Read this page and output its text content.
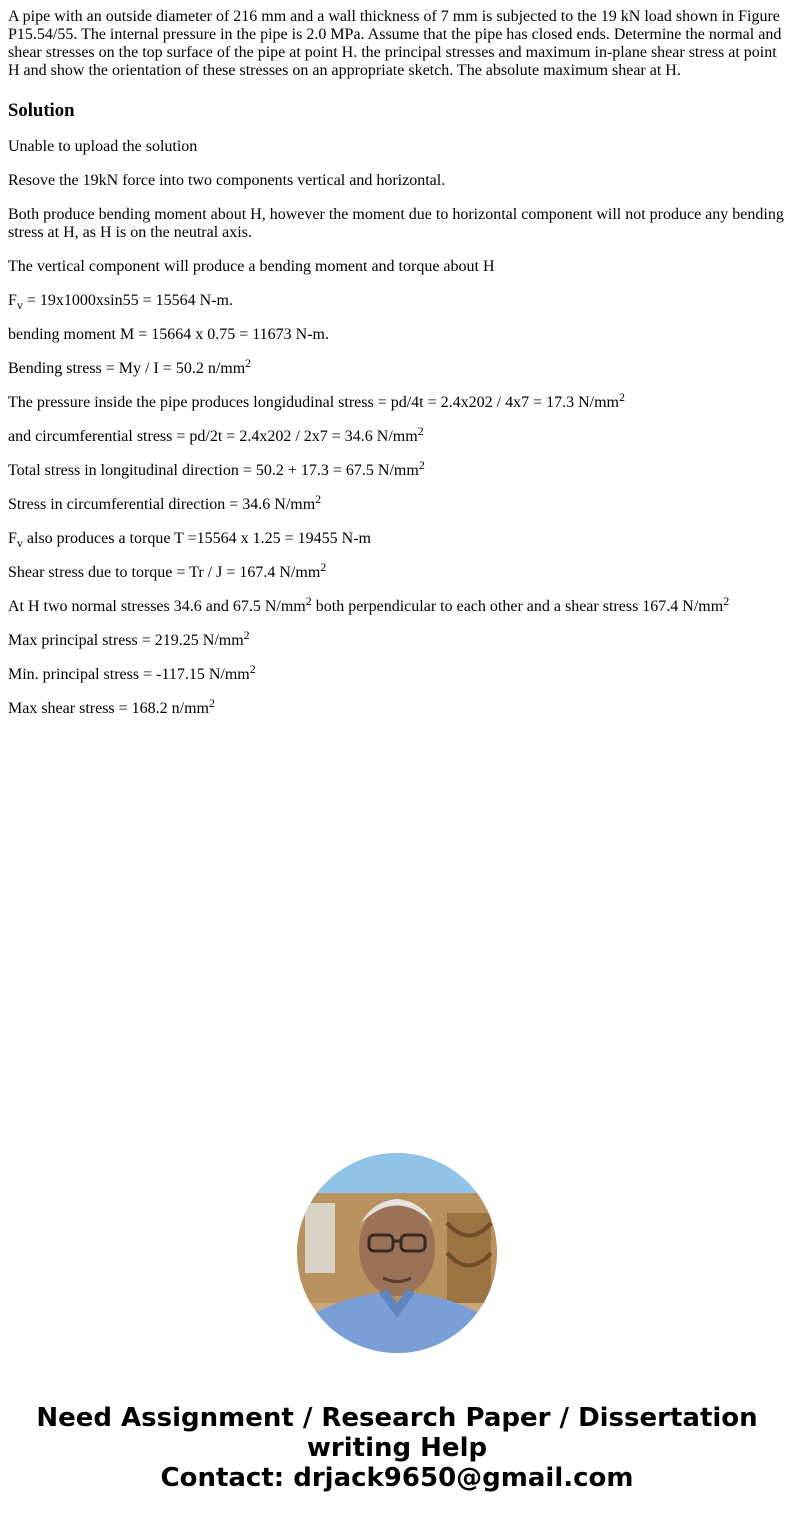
A pipe with an outside diameter of 216 mm and a wall thickness of 7 mm is subjected to the 19 kN load shown in Figure P15.54/55. The internal pressure in the pipe is 2.0 MPa. Assume that the pipe has closed ends. Determine the normal and shear stresses on the top surface of the pipe at point H. the principal stresses and maximum in-plane shear stress at point H and show the orientation of these stresses on an appropriate sketch. The absolute maximum shear at H.

Solution

Unable to upload the solution

Resove the 19kN force into two components vertical and horizontal.

Both produce bending moment about H, however the moment due to horizontal component will not produce any bending stress at H, as H is on the neutral axis.

The vertical component will produce a bending moment and torque about H

$F_v = 19x1000xsin55 = 15564$ N-m.

bending moment M = 15664 x 0.75 = 11673 N-m.

Bending stress = My / I = 50.2 $n/mm^2$

The pressure inside the pipe produces longidudinal stress = pd/4t = 2.4x202 / 4x7 = 17.3 $N/mm^2$

and circumferential stress = pd/2t = 2.4x202 / 2x7 = 34.6 $N/mm^2$

Total stress in longitudinal direction = 50.2 + 17.3 = 67.5 $N/mm^2$

Stress in circumferential direction = 34.6 $N/mm^2$

$F_v$ also produces a torque T =15564 x 1.25 = 19455 N-m

Shear stress due to torque = Tr / J = 167.4 $N/mm^2$

At H two normal stresses 34.6 and 67.5 $N/mm^2$ both perpendicular to each other and a shear stress 167.4 $N/mm^2$

Max principal stress = 219.25 $N/mm^2$

Min. principal stress = -117.15 $N/mm^2$

Max shear stress = 168.2 $n/mm^2$

Need Assignment / Research Paper / Dissertation
writing Help
Contact: drjack9650@gmail.com
